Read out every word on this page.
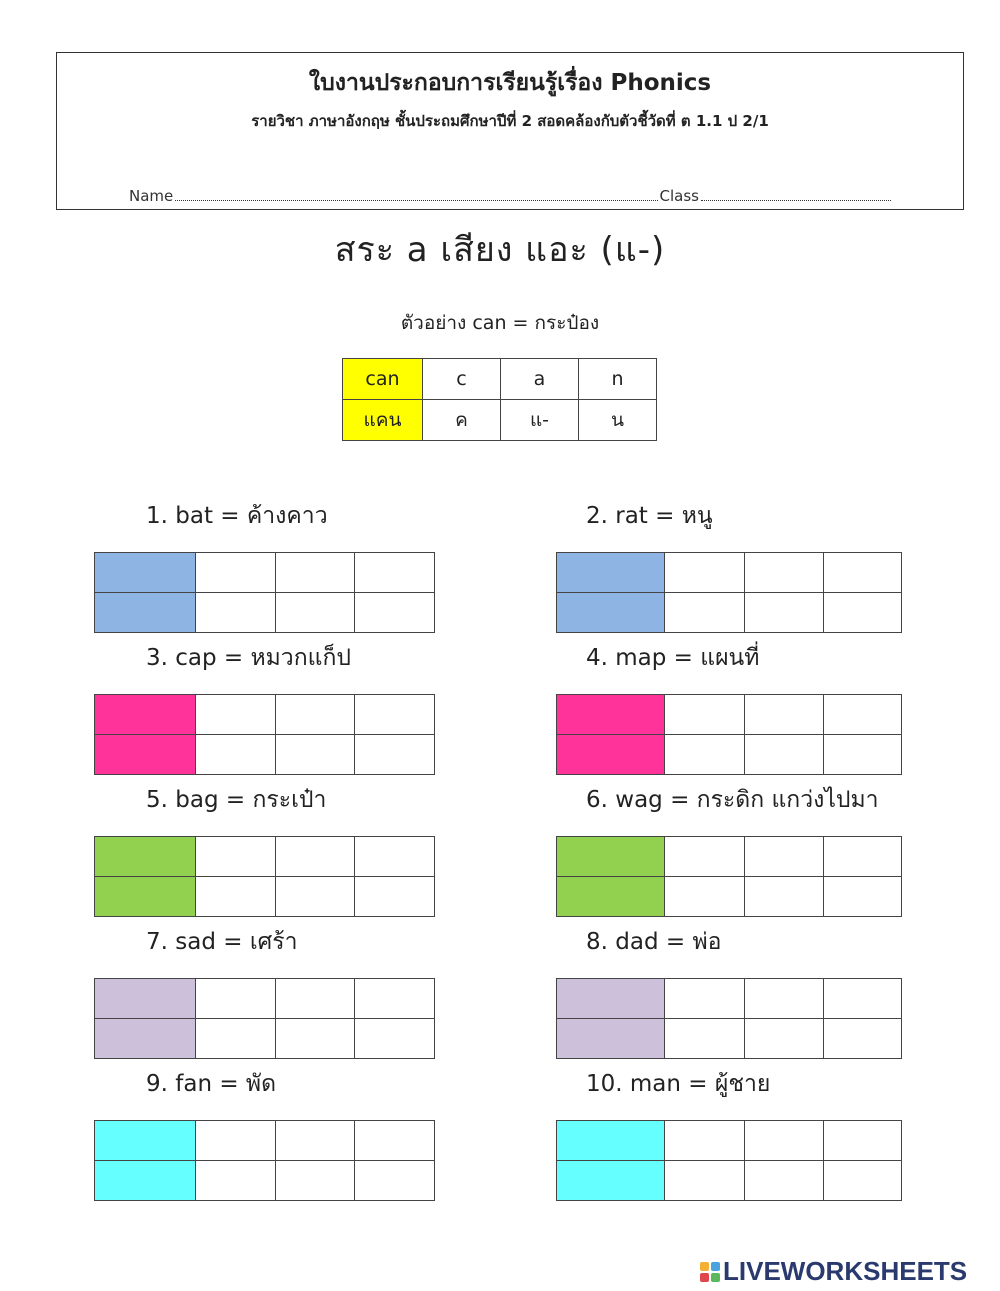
ใบงานประกอบการเรียนรู้เรื่อง Phonics
รายวิชา ภาษาอังกฤษ ชั้นประถมศึกษาปีที่ 2 สอดคล้องกับตัวชี้วัดที่ ต 1.1 ป 2/1
Name	Class
สระ a เสียง แอะ (แ-)
ตัวอย่าง can = กระป๋อง
can	c	a	n
แคน	ค	แ-	น
1. bat = ค้างคาว

				2. rat = หนู

3. cap = หมวกแก็ป

				4. map = แผนที่

5. bag = กระเป๋า

				6. wag = กระดิก แกว่งไปมา

7. sad = เศร้า

				8. dad = พ่อ

9. fan = พัด

				10. man = ผู้ชาย

LIVEWORKSHEETS
